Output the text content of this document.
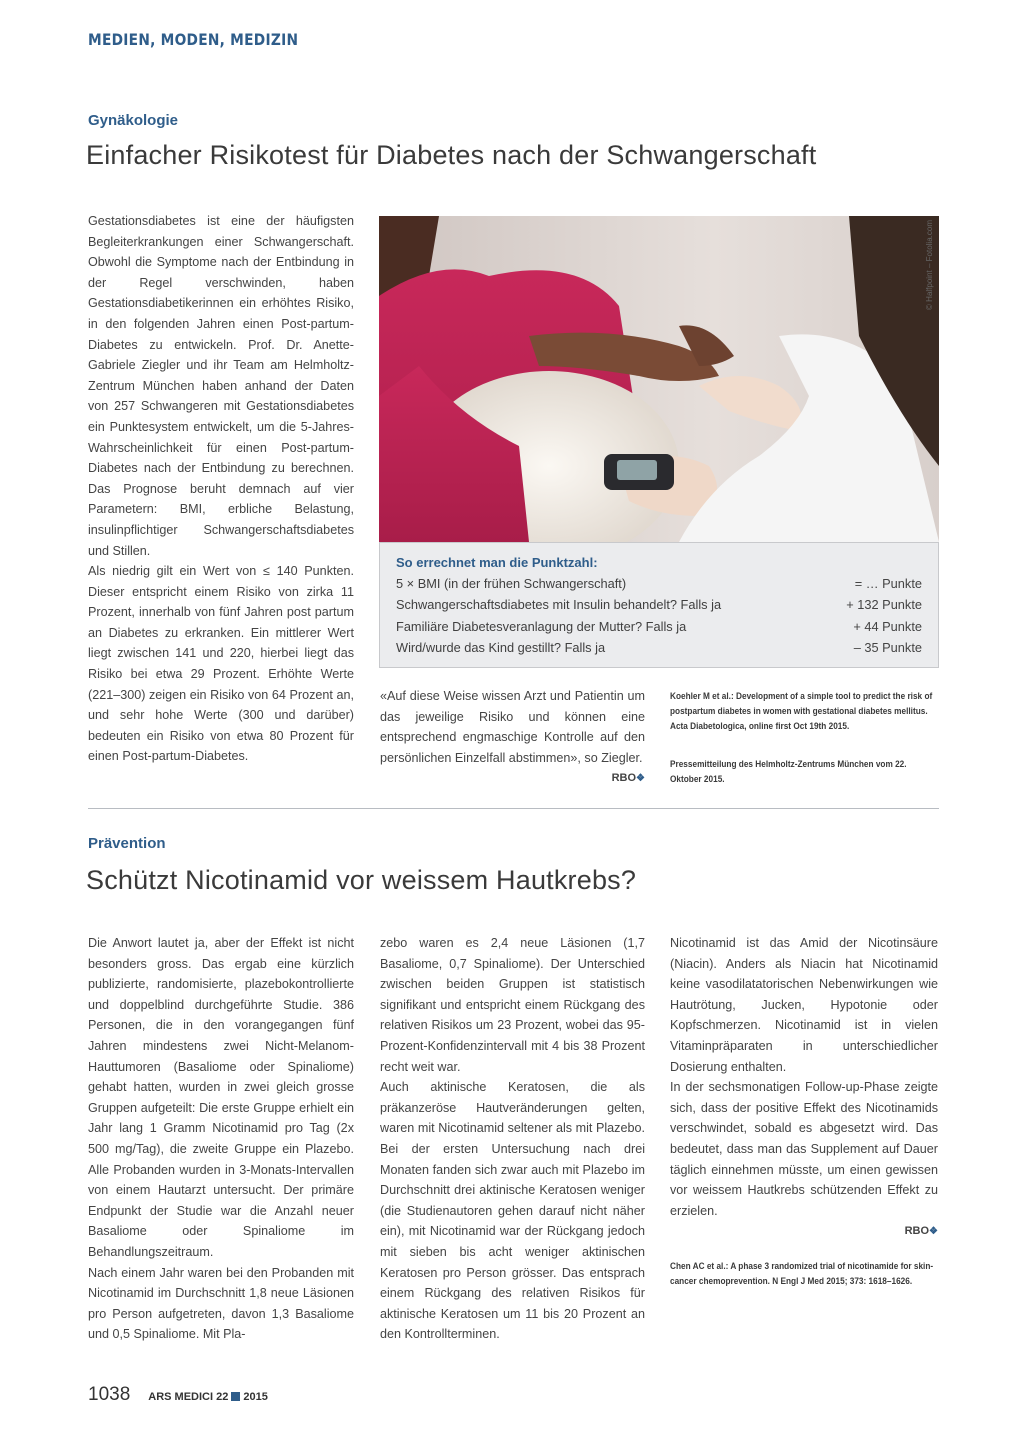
MEDIEN, MODEN, MEDIZIN
Gynäkologie
Einfacher Risikotest für Diabetes nach der Schwangerschaft

Gestationsdiabetes ist eine der häufigsten Begleiterkrankungen einer Schwangerschaft. Obwohl die Symptome nach der Entbindung in der Regel verschwinden, haben Gestationsdiabetikerinnen ein erhöhtes Risiko, in den folgenden Jahren einen Post-partum-Diabetes zu entwickeln. Prof. Dr. Anette-Gabriele Ziegler und ihr Team am Helmholtz-Zentrum München haben anhand der Daten von 257 Schwangeren mit Gestationsdiabetes ein Punktesystem entwickelt, um die 5-Jahres-Wahrscheinlichkeit für einen Post-partum-Diabetes nach der Entbindung zu berechnen. Das Prognose beruht demnach auf vier Parametern: BMI, erbliche Belastung, insulinpflichtiger Schwangerschaftsdiabetes und Stillen.

Als niedrig gilt ein Wert von ≤ 140 Punkten. Dieser entspricht einem Risiko von zirka 11 Prozent, innerhalb von fünf Jahren post partum an Diabetes zu erkranken. Ein mittlerer Wert liegt zwischen 141 und 220, hierbei liegt das Risiko bei etwa 29 Prozent. Erhöhte Werte (221–300) zeigen ein Risiko von 64 Prozent an, und sehr hohe Werte (300 und darüber) bedeuten ein Risiko von etwa 80 Prozent für einen Post-partum-Diabetes.

© Halfpoint – Fotolia.com
So errechnet man die Punktzahl:
5 × BMI (in der frühen Schwangerschaft)	= … Punkte
Schwangerschaftsdiabetes mit Insulin behandelt? Falls ja	+ 132 Punkte
Familiäre Diabetesveranlagung der Mutter? Falls ja	+ 44 Punkte
Wird/wurde das Kind gestillt? Falls ja	– 35 Punkte
«Auf diese Weise wissen Arzt und Patientin um das jeweilige Risiko und können eine entsprechend engmaschige Kontrolle auf den persönlichen Einzelfall abstimmen», so Ziegler.
RBO❖
Koehler M et al.: Development of a simple tool to predict the risk of postpartum diabetes in women with gestational diabetes mellitus. Acta Diabetologica, online first Oct 19th 2015.
Pressemitteilung des Helmholtz-Zentrums München vom 22. Oktober 2015.
Prävention
Schützt Nicotinamid vor weissem Hautkrebs?

Die Anwort lautet ja, aber der Effekt ist nicht besonders gross. Das ergab eine kürzlich publizierte, randomisierte, plazebokontrollierte und doppelblind durchgeführte Studie. 386 Personen, die in den vorangegangen fünf Jahren mindestens zwei Nicht-Melanom-Hauttumoren (Basaliome oder Spinaliome) gehabt hatten, wurden in zwei gleich grosse Gruppen aufgeteilt: Die erste Gruppe erhielt ein Jahr lang 1 Gramm Nicotinamid pro Tag (2x 500 mg/Tag), die zweite Gruppe ein Plazebo. Alle Probanden wurden in 3-Monats-Intervallen von einem Hautarzt untersucht. Der primäre Endpunkt der Studie war die Anzahl neuer Basaliome oder Spinaliome im Behandlungszeitraum.

Nach einem Jahr waren bei den Probanden mit Nicotinamid im Durchschnitt 1,8 neue Läsionen pro Person aufgetreten, davon 1,3 Basaliome und 0,5 Spinaliome. Mit Pla-

zebo waren es 2,4 neue Läsionen (1,7 Basaliome, 0,7 Spinaliome). Der Unterschied zwischen beiden Gruppen ist statistisch signifikant und entspricht einem Rückgang des relativen Risikos um 23 Prozent, wobei das 95-Prozent-Konfidenzintervall mit 4 bis 38 Prozent recht weit war.

Auch aktinische Keratosen, die als präkanzeröse Hautveränderungen gelten, waren mit Nicotinamid seltener als mit Plazebo. Bei der ersten Untersuchung nach drei Monaten fanden sich zwar auch mit Plazebo im Durchschnitt drei aktinische Keratosen weniger (die Studienautoren gehen darauf nicht näher ein), mit Nicotinamid war der Rückgang jedoch mit sieben bis acht weniger aktinischen Keratosen pro Person grösser. Das entsprach einem Rückgang des relativen Risikos für aktinische Keratosen um 11 bis 20 Prozent an den Kontrollterminen.

Nicotinamid ist das Amid der Nicotinsäure (Niacin). Anders als Niacin hat Nicotinamid keine vasodilatatorischen Nebenwirkungen wie Hautrötung, Jucken, Hypotonie oder Kopfschmerzen. Nicotinamid ist in vielen Vitaminpräparaten in unterschiedlicher Dosierung enthalten.

In der sechsmonatigen Follow-up-Phase zeigte sich, dass der positive Effekt des Nicotinamids verschwindet, sobald es abgesetzt wird. Das bedeutet, dass man das Supplement auf Dauer täglich einnehmen müsste, um einen gewissen vor weissem Hautkrebs schützenden Effekt zu erzielen.

RBO❖

Chen AC et al.: A phase 3 randomized trial of nicotinamide for skin-cancer chemoprevention. N Engl J Med 2015; 373: 1618–1626.
1038 ARS MEDICI 22 2015
